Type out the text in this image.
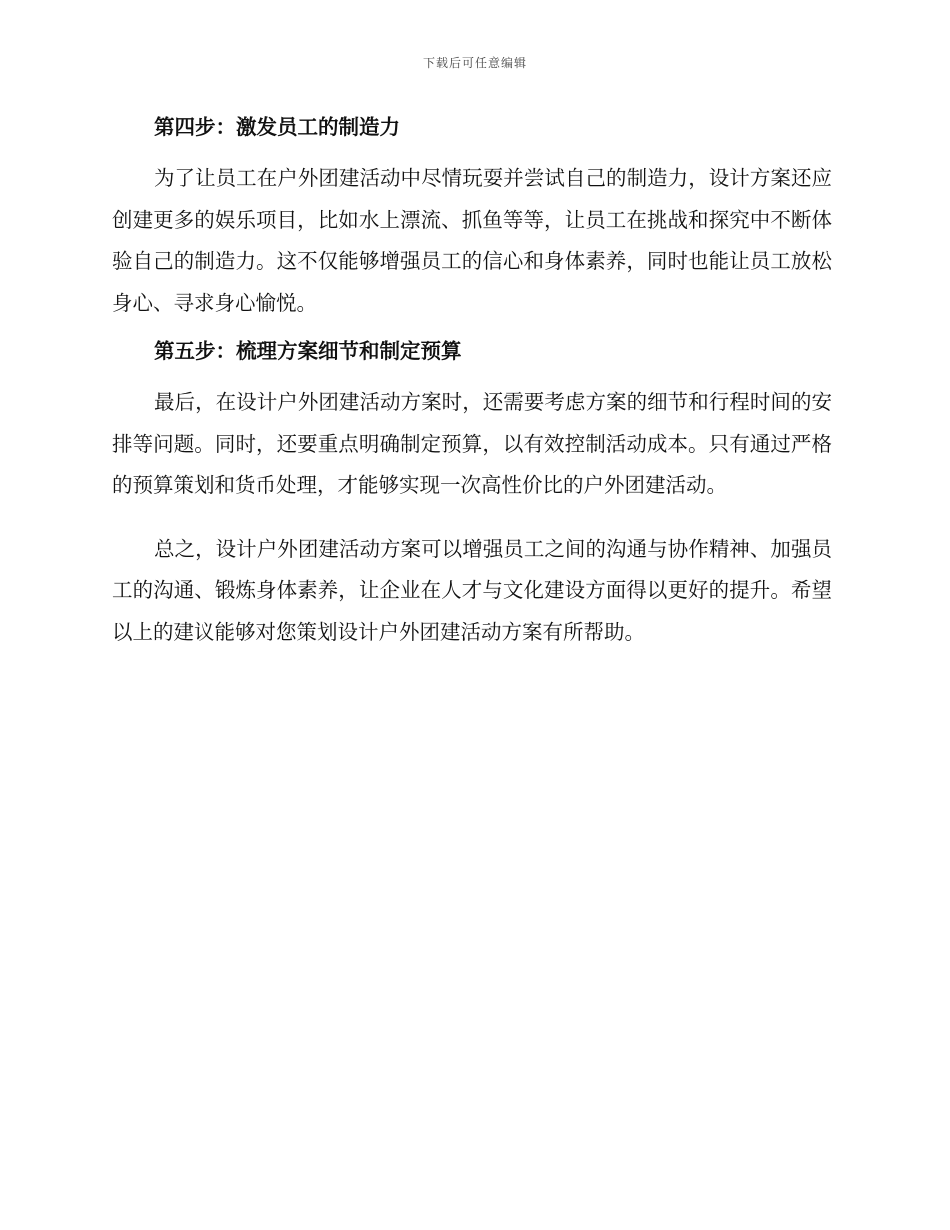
下载后可任意编辑
第四步：激发员工的制造力

为了让员工在户外团建活动中尽情玩耍并尝试自己的制造力，设计方案还应创建更多的娱乐项目，比如水上漂流、抓鱼等等，让员工在挑战和探究中不断体验自己的制造力。这不仅能够增强员工的信心和身体素养，同时也能让员工放松身心、寻求身心愉悦。

第五步：梳理方案细节和制定预算

最后，在设计户外团建活动方案时，还需要考虑方案的细节和行程时间的安排等问题。同时，还要重点明确制定预算，以有效控制活动成本。只有通过严格的预算策划和货币处理，才能够实现一次高性价比的户外团建活动。

总之，设计户外团建活动方案可以增强员工之间的沟通与协作精神、加强员工的沟通、锻炼身体素养，让企业在人才与文化建设方面得以更好的提升。希望以上的建议能够对您策划设计户外团建活动方案有所帮助。
